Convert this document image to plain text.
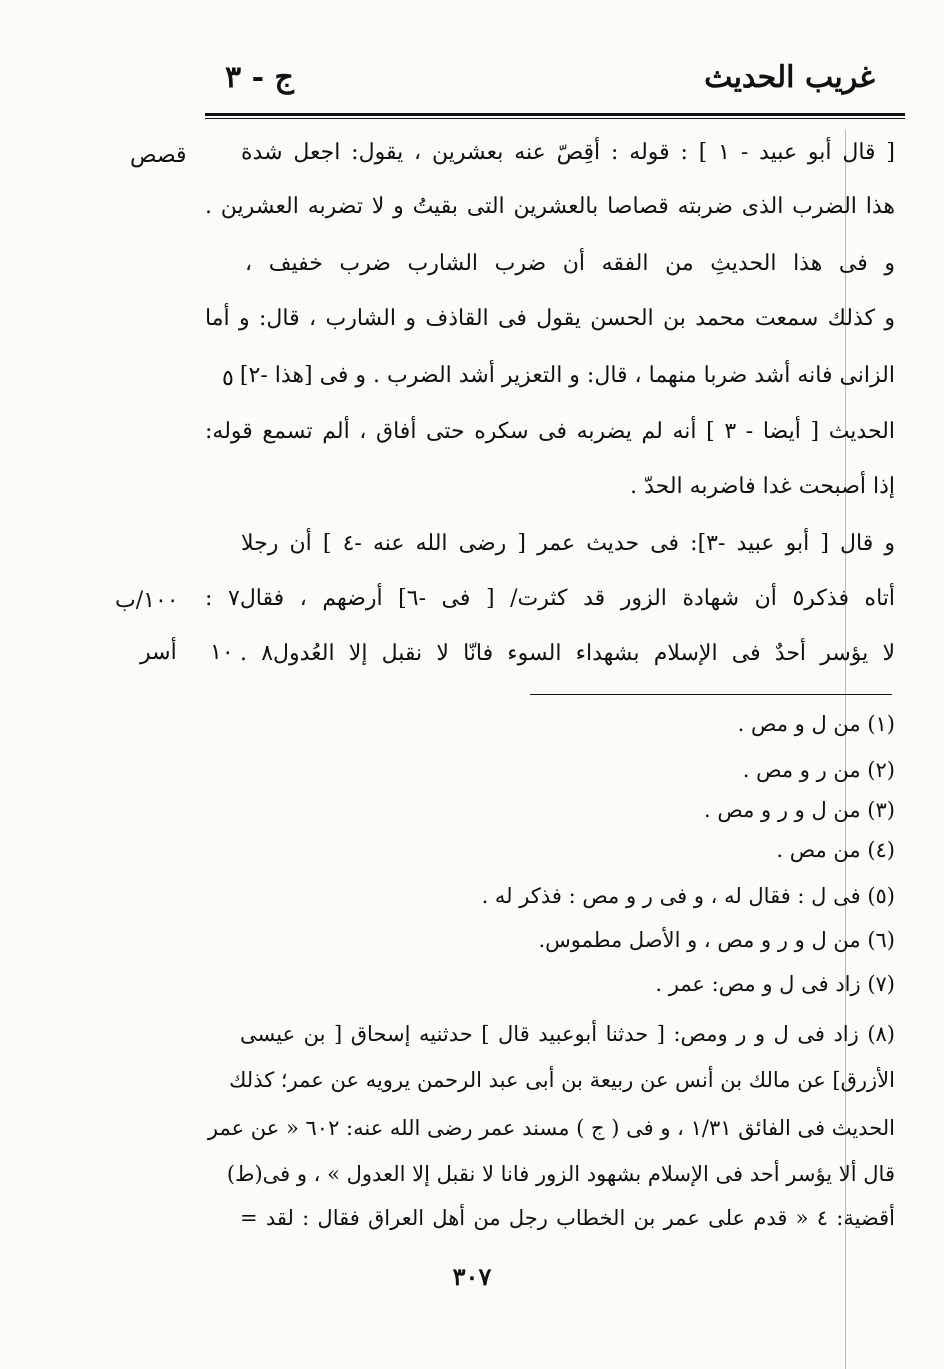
غريب الحديث
ج - ٣
قصص
٥
١٠٠/ب
١٠
أسر
[ قال أبو عبيد - ١ ] : قوله : أقِصّ عنه بعشرين ، يقول: اجعل شدة
هذا الضرب الذى ضربته قصاصا بالعشرين التى بقيتُ و لا تضربه العشرين .
و فى هذا الحديثِ من الفقه أن ضرب الشارب ضرب خفيف ،
و كذلك سمعت محمد بن الحسن يقول فى القاذف و الشارب ، قال: و أما
الزانى فانه أشد ضربا منهما ، قال: و التعزير أشد الضرب . و فى [هذا -٢]
الحديث [ أيضا - ٣ ] أنه لم يضربه فى سكره حتى أفاق ، ألم تسمع قوله:
إذا أصبحت غدا فاضربه الحدّ .
و قال [ أبو عبيد -٣]: فى حديث عمر [ رضى الله عنه -٤ ] أن رجلا
أتاه فذكر٥ أن شهادة الزور قد كثرت/ [ فى -٦] أرضهم ، فقال٧ :
لا يؤسر أحدٌ فى الإسلام بشهداء السوء فانّا لا نقبل إلا العُدول٨ .
(١) من ل و مص .
(٢) من ر و مص .
(٣) من ل و ر و مص .
(٤) من مص .
(٥) فى ل : فقال له ، و فى ر و مص : فذكر له .
(٦) من ل و ر و مص ، و الأصل مطموس.
(٧) زاد فى ل و مص: عمر .
(٨) زاد فى ل و ر ومص: [ حدثنا أبوعبيد قال ] حدثنيه إسحاق [ بن عيسى
الأزرق] عن مالك بن أنس عن ربيعة بن أبى عبد الرحمن يرويه عن عمر؛ كذلك
الحديث فى الفائق ١/٣١ ، و فى ( ج ) مسند عمر رضى الله عنه: ٦٠٢ « عن عمر
قال ألا يؤسر أحد فى الإسلام بشهود الزور فانا لا نقبل إلا العدول » ، و فى(ط)
أقضية: ٤ « قدم على عمر بن الخطاب رجل من أهل العراق فقال : لقد =
٣٠٧
